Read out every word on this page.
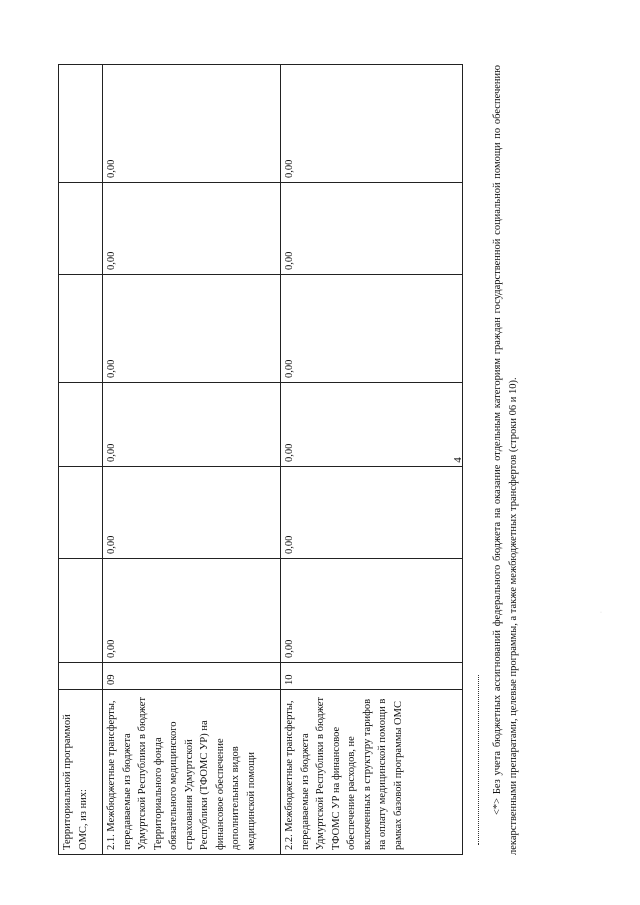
Территориальной программой ОМС, из них:							
2.1. Межбюджетные трансферты, передаваемые из бюджета Удмуртской Республики в бюджет Территориального фонда обязательного медицинского страхования Удмуртской Республики (ТФОМС УР) на финансовое обеспечение дополнительных видов медицинской помощи	09	0,00	0,00	0,00	0,00	0,00	0,00
2.2. Межбюджетные трансферты, передаваемые из бюджета Удмуртской Республики в бюджет ТФОМС УР на финансовое обеспечение расходов, не включенных в структуру тарифов на оплату медицинской помощи в рамках базовой программы ОМС	10	0,00	0,00	0,00	0,00	0,00	0,00
4	<*> Без учета бюджетных ассигнований федерального бюджета на оказание отдельным категориям граждан государственной социальной помощи по обеспечению лекарственными препаратами, целевые программы, а также межбюджетных трансфертов (строки 06 и 10).	·
